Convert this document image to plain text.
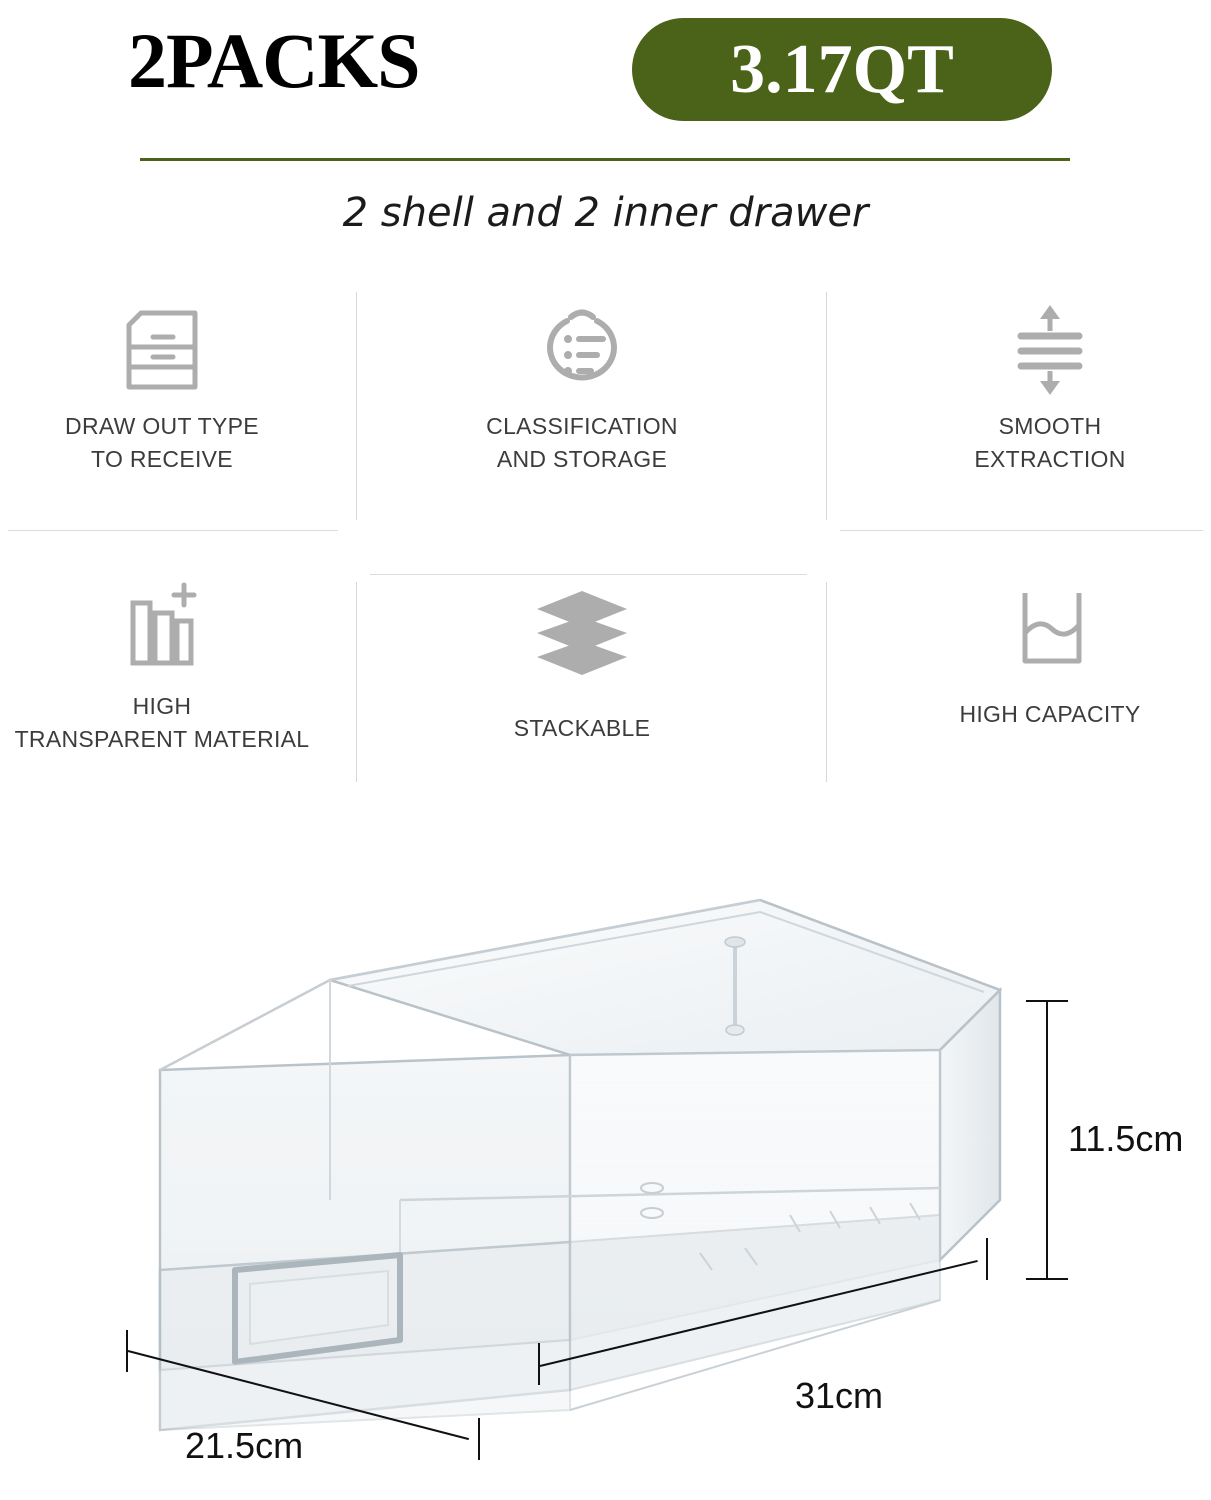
2PACKS	3.17QT
2 shell and 2 inner drawer
DRAW OUT TYPE
TO RECEIVE
CLASSIFICATION
AND STORAGE
SMOOTH
EXTRACTION
HIGH
TRANSPARENT MATERIAL	STACKABLE
HIGH CAPACITY
11.5cm
31cm
21.5cm
